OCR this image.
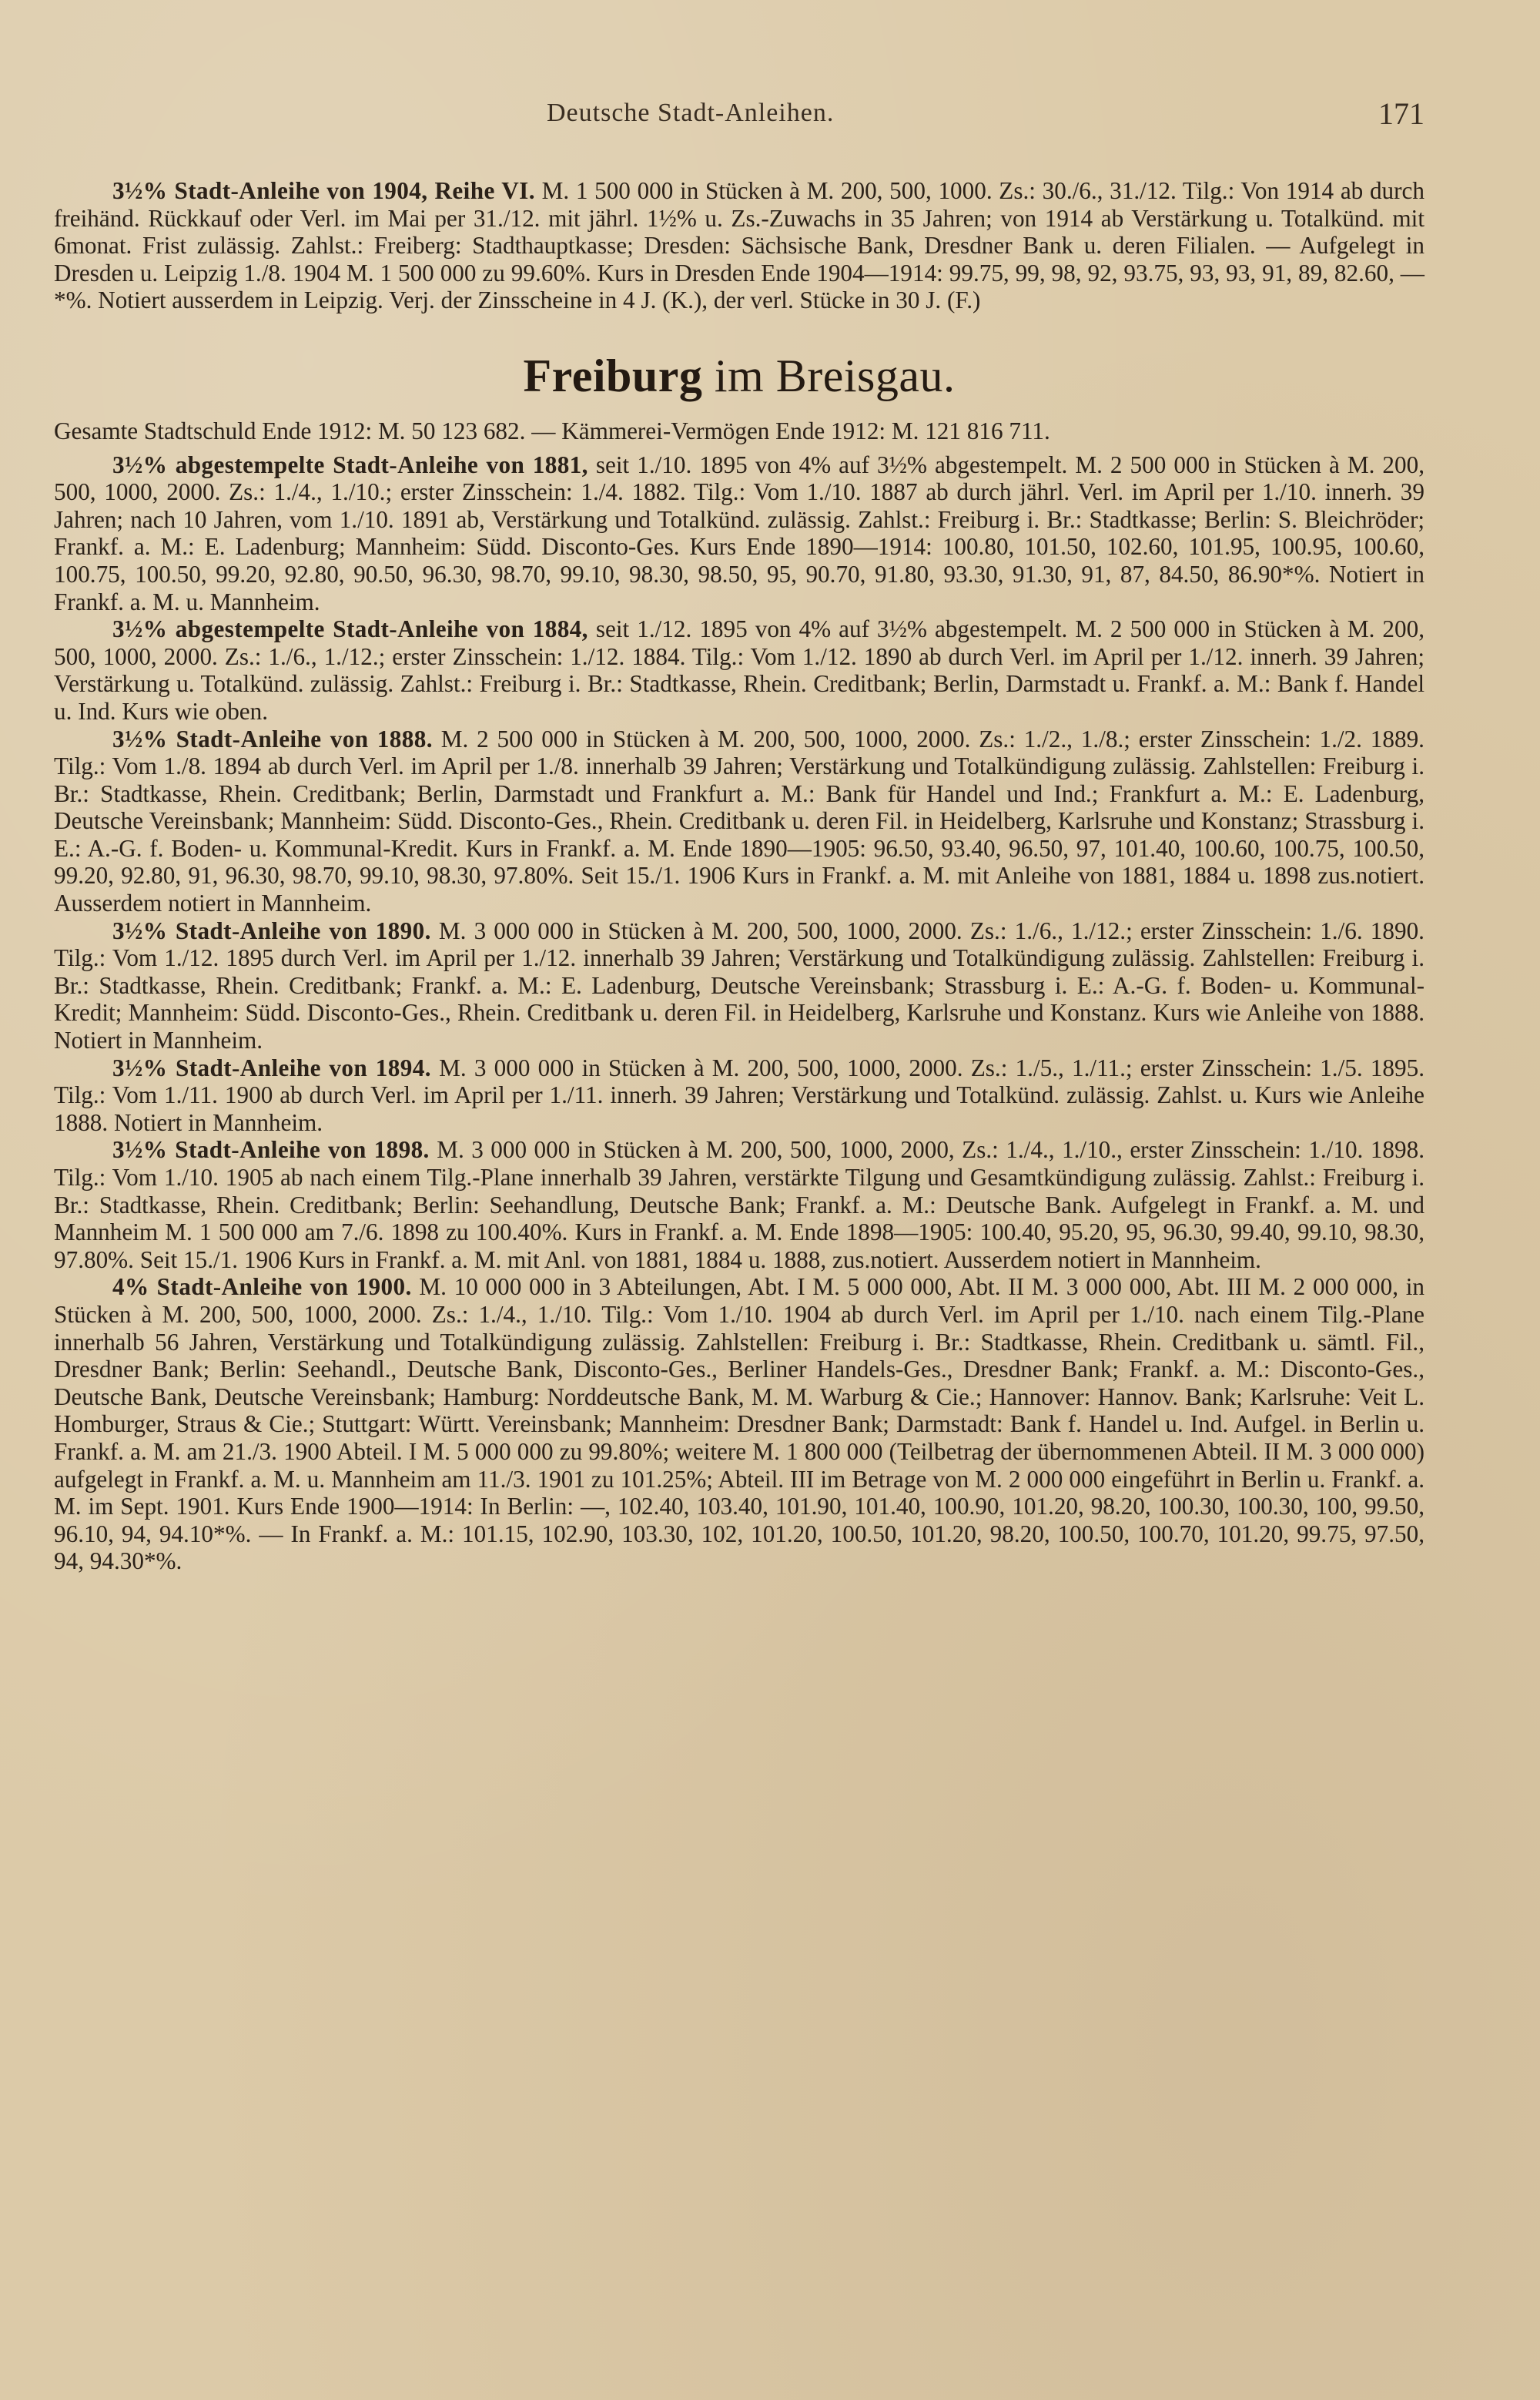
Deutsche Stadt-Anleihen.	171

3½% Stadt-Anleihe von 1904, Reihe VI. M. 1 500 000 in Stücken à M. 200, 500, 1000. Zs.: 30./6., 31./12. Tilg.: Von 1914 ab durch freihänd. Rückkauf oder Verl. im Mai per 31./12. mit jährl. 1½% u. Zs.-Zuwachs in 35 Jahren; von 1914 ab Verstärkung u. Totalkünd. mit 6monat. Frist zulässig. Zahlst.: Freiberg: Stadthauptkasse; Dresden: Sächsische Bank, Dresdner Bank u. deren Filialen. — Aufgelegt in Dresden u. Leipzig 1./8. 1904 M. 1 500 000 zu 99.60%. Kurs in Dresden Ende 1904—1914: 99.75, 99, 98, 92, 93.75, 93, 93, 91, 89, 82.60, —*%. Notiert ausserdem in Leipzig. Verj. der Zinsscheine in 4 J. (K.), der verl. Stücke in 30 J. (F.)

Freiburg im Breisgau.
Gesamte Stadtschuld Ende 1912: M. 50 123 682. — Kämmerei-Vermögen Ende 1912: M. 121 816 711.

3½% abgestempelte Stadt-Anleihe von 1881, seit 1./10. 1895 von 4% auf 3½% abgestempelt. M. 2 500 000 in Stücken à M. 200, 500, 1000, 2000. Zs.: 1./4., 1./10.; erster Zinsschein: 1./4. 1882. Tilg.: Vom 1./10. 1887 ab durch jährl. Verl. im April per 1./10. innerh. 39 Jahren; nach 10 Jahren, vom 1./10. 1891 ab, Verstärkung und Totalkünd. zulässig. Zahlst.: Freiburg i. Br.: Stadtkasse; Berlin: S. Bleichröder; Frankf. a. M.: E. Ladenburg; Mannheim: Südd. Disconto-Ges. Kurs Ende 1890—1914: 100.80, 101.50, 102.60, 101.95, 100.95, 100.60, 100.75, 100.50, 99.20, 92.80, 90.50, 96.30, 98.70, 99.10, 98.30, 98.50, 95, 90.70, 91.80, 93.30, 91.30, 91, 87, 84.50, 86.90*%. Notiert in Frankf. a. M. u. Mannheim.

3½% abgestempelte Stadt-Anleihe von 1884, seit 1./12. 1895 von 4% auf 3½% abgestempelt. M. 2 500 000 in Stücken à M. 200, 500, 1000, 2000. Zs.: 1./6., 1./12.; erster Zinsschein: 1./12. 1884. Tilg.: Vom 1./12. 1890 ab durch Verl. im April per 1./12. innerh. 39 Jahren; Verstärkung u. Totalkünd. zulässig. Zahlst.: Freiburg i. Br.: Stadtkasse, Rhein. Creditbank; Berlin, Darmstadt u. Frankf. a. M.: Bank f. Handel u. Ind. Kurs wie oben.

3½% Stadt-Anleihe von 1888. M. 2 500 000 in Stücken à M. 200, 500, 1000, 2000. Zs.: 1./2., 1./8.; erster Zinsschein: 1./2. 1889. Tilg.: Vom 1./8. 1894 ab durch Verl. im April per 1./8. innerhalb 39 Jahren; Verstärkung und Totalkündigung zulässig. Zahlstellen: Freiburg i. Br.: Stadtkasse, Rhein. Creditbank; Berlin, Darmstadt und Frankfurt a. M.: Bank für Handel und Ind.; Frankfurt a. M.: E. Ladenburg, Deutsche Vereinsbank; Mannheim: Südd. Disconto-Ges., Rhein. Creditbank u. deren Fil. in Heidelberg, Karlsruhe und Konstanz; Strassburg i. E.: A.-G. f. Boden- u. Kommunal-Kredit. Kurs in Frankf. a. M. Ende 1890—1905: 96.50, 93.40, 96.50, 97, 101.40, 100.60, 100.75, 100.50, 99.20, 92.80, 91, 96.30, 98.70, 99.10, 98.30, 97.80%. Seit 15./1. 1906 Kurs in Frankf. a. M. mit Anleihe von 1881, 1884 u. 1898 zus.notiert. Ausserdem notiert in Mannheim.

3½% Stadt-Anleihe von 1890. M. 3 000 000 in Stücken à M. 200, 500, 1000, 2000. Zs.: 1./6., 1./12.; erster Zinsschein: 1./6. 1890. Tilg.: Vom 1./12. 1895 durch Verl. im April per 1./12. innerhalb 39 Jahren; Verstärkung und Totalkündigung zulässig. Zahlstellen: Freiburg i. Br.: Stadtkasse, Rhein. Creditbank; Frankf. a. M.: E. Ladenburg, Deutsche Vereinsbank; Strassburg i. E.: A.-G. f. Boden- u. Kommunal-Kredit; Mannheim: Südd. Disconto-Ges., Rhein. Creditbank u. deren Fil. in Heidelberg, Karlsruhe und Konstanz. Kurs wie Anleihe von 1888. Notiert in Mannheim.

3½% Stadt-Anleihe von 1894. M. 3 000 000 in Stücken à M. 200, 500, 1000, 2000. Zs.: 1./5., 1./11.; erster Zinsschein: 1./5. 1895. Tilg.: Vom 1./11. 1900 ab durch Verl. im April per 1./11. innerh. 39 Jahren; Verstärkung und Totalkünd. zulässig. Zahlst. u. Kurs wie Anleihe 1888. Notiert in Mannheim.

3½% Stadt-Anleihe von 1898. M. 3 000 000 in Stücken à M. 200, 500, 1000, 2000, Zs.: 1./4., 1./10., erster Zinsschein: 1./10. 1898. Tilg.: Vom 1./10. 1905 ab nach einem Tilg.-Plane innerhalb 39 Jahren, verstärkte Tilgung und Gesamtkündigung zulässig. Zahlst.: Freiburg i. Br.: Stadtkasse, Rhein. Creditbank; Berlin: Seehandlung, Deutsche Bank; Frankf. a. M.: Deutsche Bank. Aufgelegt in Frankf. a. M. und Mannheim M. 1 500 000 am 7./6. 1898 zu 100.40%. Kurs in Frankf. a. M. Ende 1898—1905: 100.40, 95.20, 95, 96.30, 99.40, 99.10, 98.30, 97.80%. Seit 15./1. 1906 Kurs in Frankf. a. M. mit Anl. von 1881, 1884 u. 1888, zus.notiert. Ausserdem notiert in Mannheim.

4% Stadt-Anleihe von 1900. M. 10 000 000 in 3 Abteilungen, Abt. I M. 5 000 000, Abt. II M. 3 000 000, Abt. III M. 2 000 000, in Stücken à M. 200, 500, 1000, 2000. Zs.: 1./4., 1./10. Tilg.: Vom 1./10. 1904 ab durch Verl. im April per 1./10. nach einem Tilg.-Plane innerhalb 56 Jahren, Verstärkung und Totalkündigung zulässig. Zahlstellen: Freiburg i. Br.: Stadtkasse, Rhein. Creditbank u. sämtl. Fil., Dresdner Bank; Berlin: Seehandl., Deutsche Bank, Disconto-Ges., Berliner Handels-Ges., Dresdner Bank; Frankf. a. M.: Disconto-Ges., Deutsche Bank, Deutsche Vereinsbank; Hamburg: Norddeutsche Bank, M. M. Warburg & Cie.; Hannover: Hannov. Bank; Karlsruhe: Veit L. Homburger, Straus & Cie.; Stuttgart: Württ. Vereinsbank; Mannheim: Dresdner Bank; Darmstadt: Bank f. Handel u. Ind. Aufgel. in Berlin u. Frankf. a. M. am 21./3. 1900 Abteil. I M. 5 000 000 zu 99.80%; weitere M. 1 800 000 (Teilbetrag der übernommenen Abteil. II M. 3 000 000) aufgelegt in Frankf. a. M. u. Mannheim am 11./3. 1901 zu 101.25%; Abteil. III im Betrage von M. 2 000 000 eingeführt in Berlin u. Frankf. a. M. im Sept. 1901. Kurs Ende 1900—1914: In Berlin: —, 102.40, 103.40, 101.90, 101.40, 100.90, 101.20, 98.20, 100.30, 100.30, 100, 99.50, 96.10, 94, 94.10*%. — In Frankf. a. M.: 101.15, 102.90, 103.30, 102, 101.20, 100.50, 101.20, 98.20, 100.50, 100.70, 101.20, 99.75, 97.50, 94, 94.30*%.
